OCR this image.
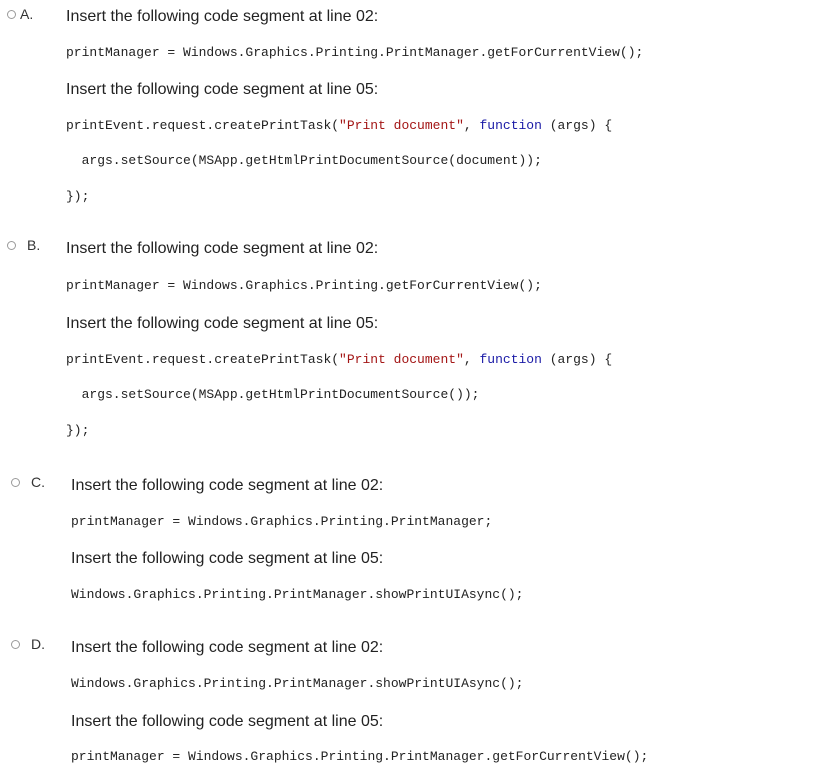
A. Insert the following code segment at line 02:
printManager = Windows.Graphics.Printing.PrintManager.getForCurrentView();
Insert the following code segment at line 05:
printEvent.request.createPrintTask("Print document", function (args) {
args.setSource(MSApp.getHtmlPrintDocumentSource(document));
});
B. Insert the following code segment at line 02:
printManager = Windows.Graphics.Printing.getForCurrentView();
Insert the following code segment at line 05:
printEvent.request.createPrintTask("Print document", function (args) {
args.setSource(MSApp.getHtmlPrintDocumentSource());
});
C. Insert the following code segment at line 02:
printManager = Windows.Graphics.Printing.PrintManager;
Insert the following code segment at line 05:
Windows.Graphics.Printing.PrintManager.showPrintUIAsync();
D. Insert the following code segment at line 02:
Windows.Graphics.Printing.PrintManager.showPrintUIAsync();
Insert the following code segment at line 05:
printManager = Windows.Graphics.Printing.PrintManager.getForCurrentView();
